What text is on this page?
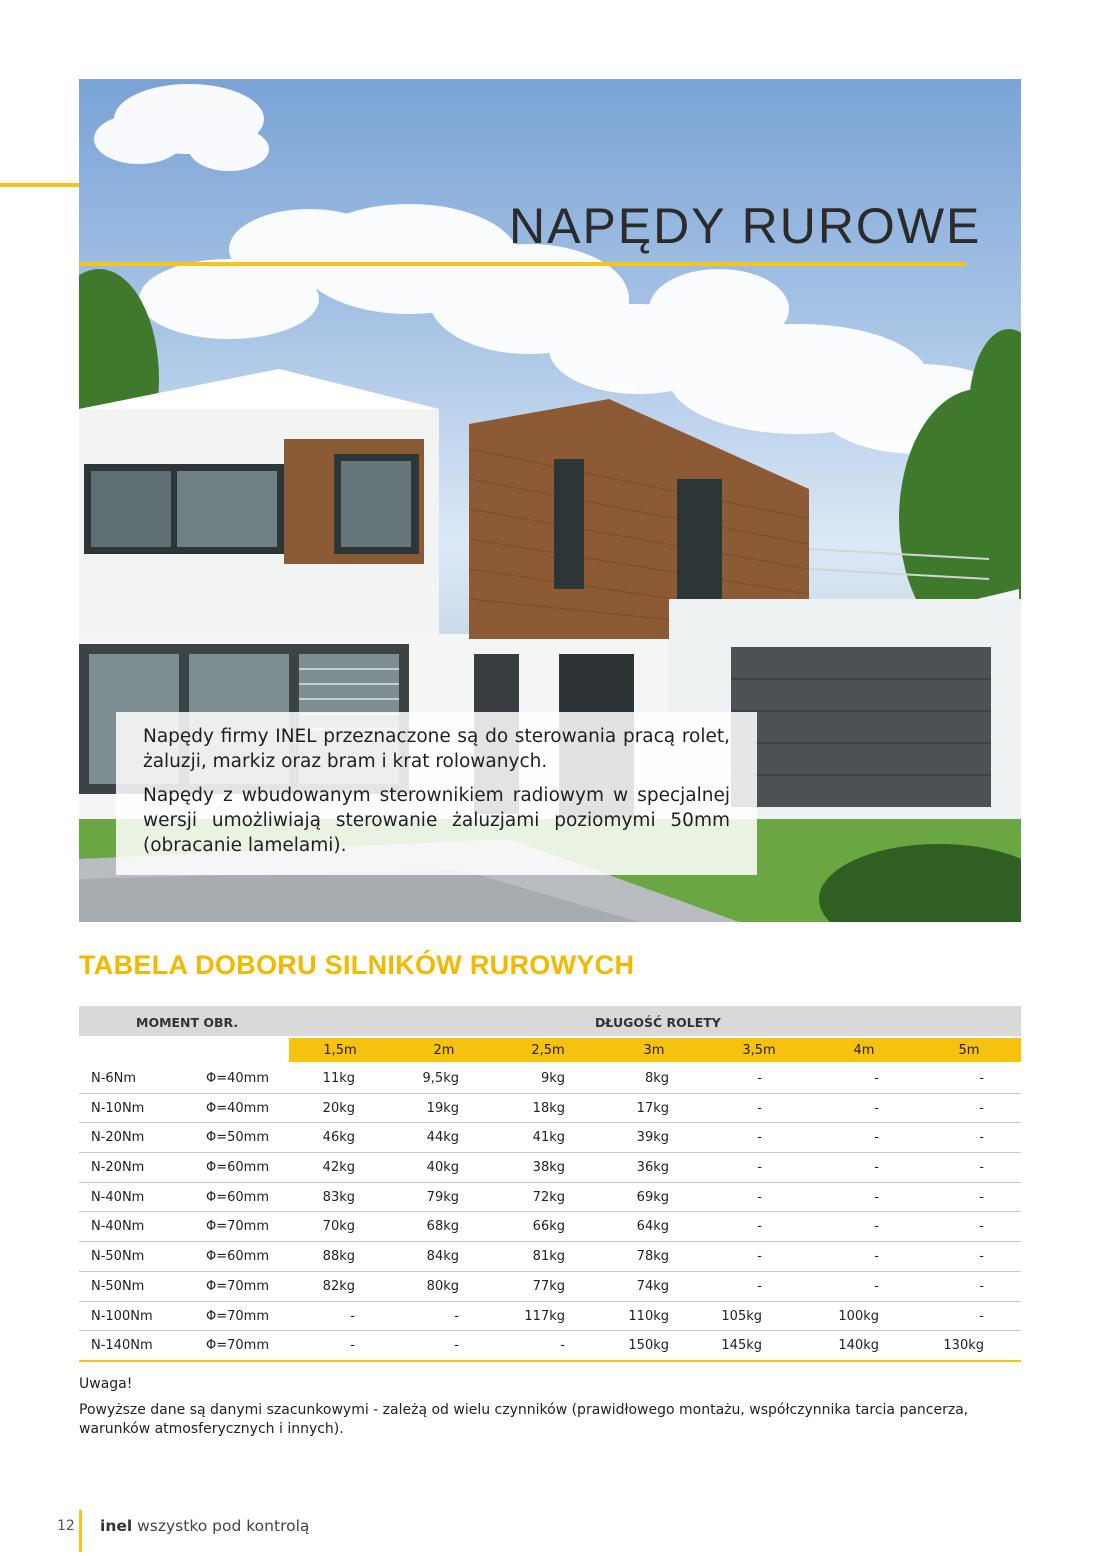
NAPĘDY RUROWE

Napędy firmy INEL przeznaczone są do sterowania pracą rolet, żaluzji, markiz oraz bram i krat rolowanych.

Napędy z wbudowanym sterownikiem radiowym w specjalnej wersji umożliwiają sterowanie żaluzjami poziomymi 50mm (obracanie lamelami).

TABELA DOBORU SILNIKÓW RUROWYCH
MOMENT OBR.	DŁUGOŚĆ ROLETY
1,5m	2m	2,5m	3m	3,5m	4m	5m
N-6Nm	Φ=40mm	11kg	9,5kg	9kg	8kg	-	-	-
N-10Nm	Φ=40mm	20kg	19kg	18kg	17kg	-	-	-
N-20Nm	Φ=50mm	46kg	44kg	41kg	39kg	-	-	-
N-20Nm	Φ=60mm	42kg	40kg	38kg	36kg	-	-	-
N-40Nm	Φ=60mm	83kg	79kg	72kg	69kg	-	-	-
N-40Nm	Φ=70mm	70kg	68kg	66kg	64kg	-	-	-
N-50Nm	Φ=60mm	88kg	84kg	81kg	78kg	-	-	-
N-50Nm	Φ=70mm	82kg	80kg	77kg	74kg	-	-	-
N-100Nm	Φ=70mm	-	-	117kg	110kg	105kg	100kg	-
N-140Nm	Φ=70mm	-	-	-	150kg	145kg	140kg	130kg

Uwaga!

Powyższe dane są danymi szacunkowymi - zależą od wielu czynników (prawidłowego montażu, współczynnika tarcia pancerza, warunków atmosferycznych i innych).

12 inel wszystko pod kontrolą
